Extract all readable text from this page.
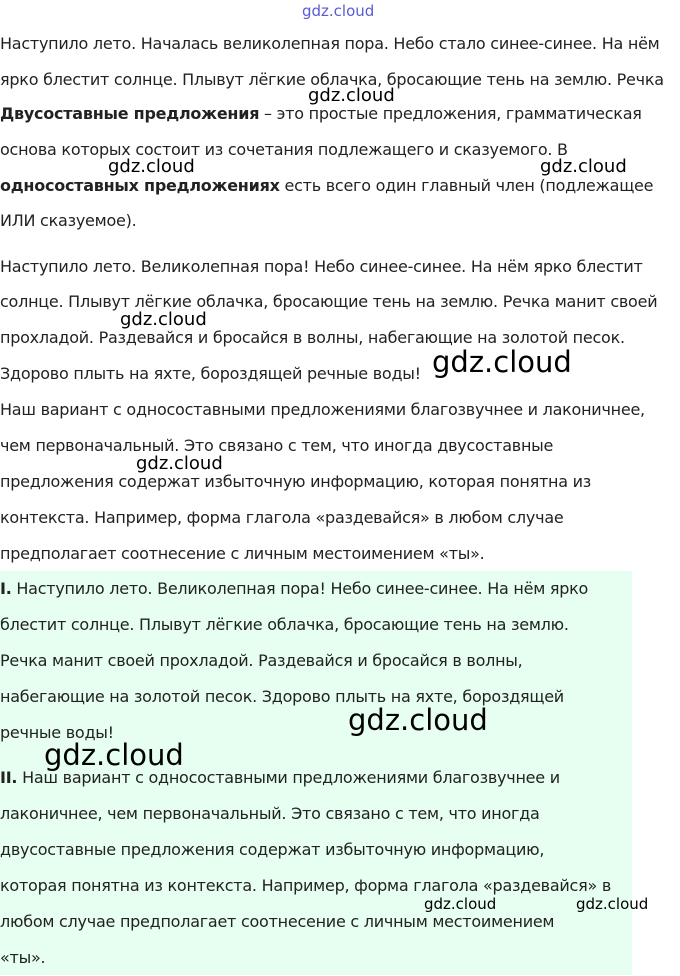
Наступило лето. Началась великолепная пора. Небо стало синее-синее. На нём

ярко блестит солнце. Плывут лёгкие облачка, бросающие тень на землю. Речка

Двусоставные предложения – это простые предложения, грамматическая

основа которых состоит из сочетания подлежащего и сказуемого. В

односоставных предложениях есть всего один главный член (подлежащее

ИЛИ сказуемое).

Наступило лето. Великолепная пора! Небо синее-синее. На нём ярко блестит

солнце. Плывут лёгкие облачка, бросающие тень на землю. Речка манит своей

прохладой. Раздевайся и бросайся в волны, набегающие на золотой песок.

Здорово плыть на яхте, бороздящей речные воды!

Наш вариант с односоставными предложениями благозвучнее и лаконичнее,

чем первоначальный. Это связано с тем, что иногда двусоставные

предложения содержат избыточную информацию, которая понятна из

контекста. Например, форма глагола «раздевайся» в любом случае

предполагает соотнесение с личным местоимением «ты».

I. Наступило лето. Великолепная пора! Небо синее-синее. На нём ярко

блестит солнце. Плывут лёгкие облачка, бросающие тень на землю.

Речка манит своей прохладой. Раздевайся и бросайся в волны,

набегающие на золотой песок. Здорово плыть на яхте, бороздящей

речные воды!

II. Наш вариант с односоставными предложениями благозвучнее и

лаконичнее, чем первоначальный. Это связано с тем, что иногда

двусоставные предложения содержат избыточную информацию,

которая понятна из контекста. Например, форма глагола «раздевайся» в

любом случае предполагает соотнесение с личным местоимением

«ты».

gdz.cloud
gdz.cloud
gdz.cloud	gdz.cloud
gdz.cloud
gdz.cloud
gdz.cloud
gdz.cloud
gdz.cloud
gdz.cloud	gdz.cloud
